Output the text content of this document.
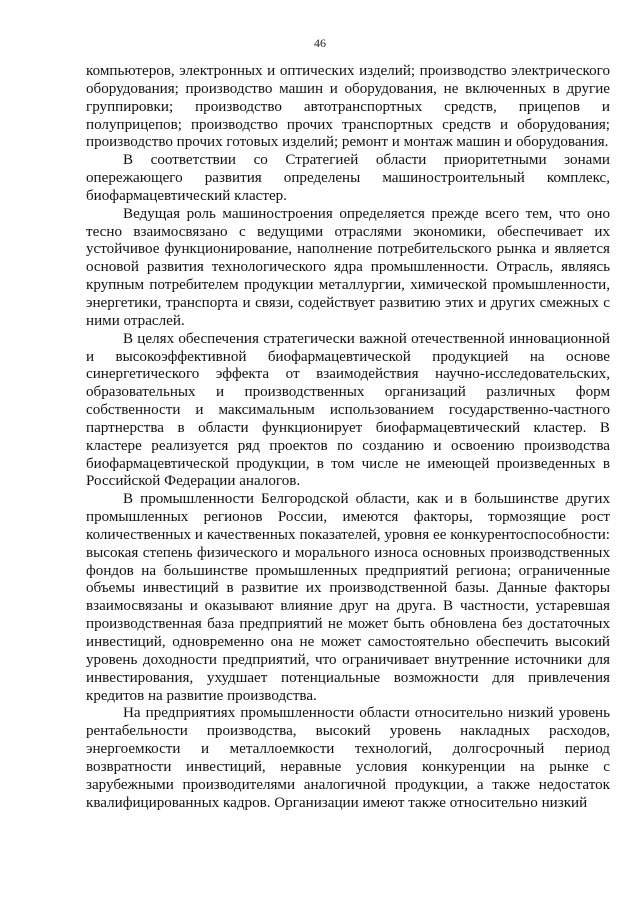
46

компьютеров, электронных и оптических изделий; производство электрического оборудования; производство машин и оборудования, не включенных в другие группировки; производство автотранспортных средств, прицепов и полуприцепов; производство прочих транспортных средств и оборудования; производство прочих готовых изделий; ремонт и монтаж машин и оборудования.

В соответствии со Стратегией области приоритетными зонами опережающего развития определены машиностроительный комплекс, биофармацевтический кластер.

Ведущая роль машиностроения определяется прежде всего тем, что оно тесно взаимосвязано с ведущими отраслями экономики, обеспечивает их устойчивое функционирование, наполнение потребительского рынка и является основой развития технологического ядра промышленности. Отрасль, являясь крупным потребителем продукции металлургии, химической промышленности, энергетики, транспорта и связи, содействует развитию этих и других смежных с ними отраслей.

В целях обеспечения стратегически важной отечественной инновационной и высокоэффективной биофармацевтической продукцией на основе синергетического эффекта от взаимодействия научно-исследовательских, образовательных и производственных организаций различных форм собственности и максимальным использованием государственно-частного партнерства в области функционирует биофармацевтический кластер. В кластере реализуется ряд проектов по созданию и освоению производства биофармацевтической продукции, в том числе не имеющей произведенных в Российской Федерации аналогов.

В промышленности Белгородской области, как и в большинстве других промышленных регионов России, имеются факторы, тормозящие рост количественных и качественных показателей, уровня ее конкурентоспособности: высокая степень физического и морального износа основных производственных фондов на большинстве промышленных предприятий региона; ограниченные объемы инвестиций в развитие их производственной базы. Данные факторы взаимосвязаны и оказывают влияние друг на друга. В частности, устаревшая производственная база предприятий не может быть обновлена без достаточных инвестиций, одновременно она не может самостоятельно обеспечить высокий уровень доходности предприятий, что ограничивает внутренние источники для инвестирования, ухудшает потенциальные возможности для привлечения кредитов на развитие производства.

На предприятиях промышленности области относительно низкий уровень рентабельности производства, высокий уровень накладных расходов, энергоемкости и металлоемкости технологий, долгосрочный период возвратности инвестиций, неравные условия конкуренции на рынке с зарубежными производителями аналогичной продукции, а также недостаток квалифицированных кадров. Организации имеют также относительно низкий
